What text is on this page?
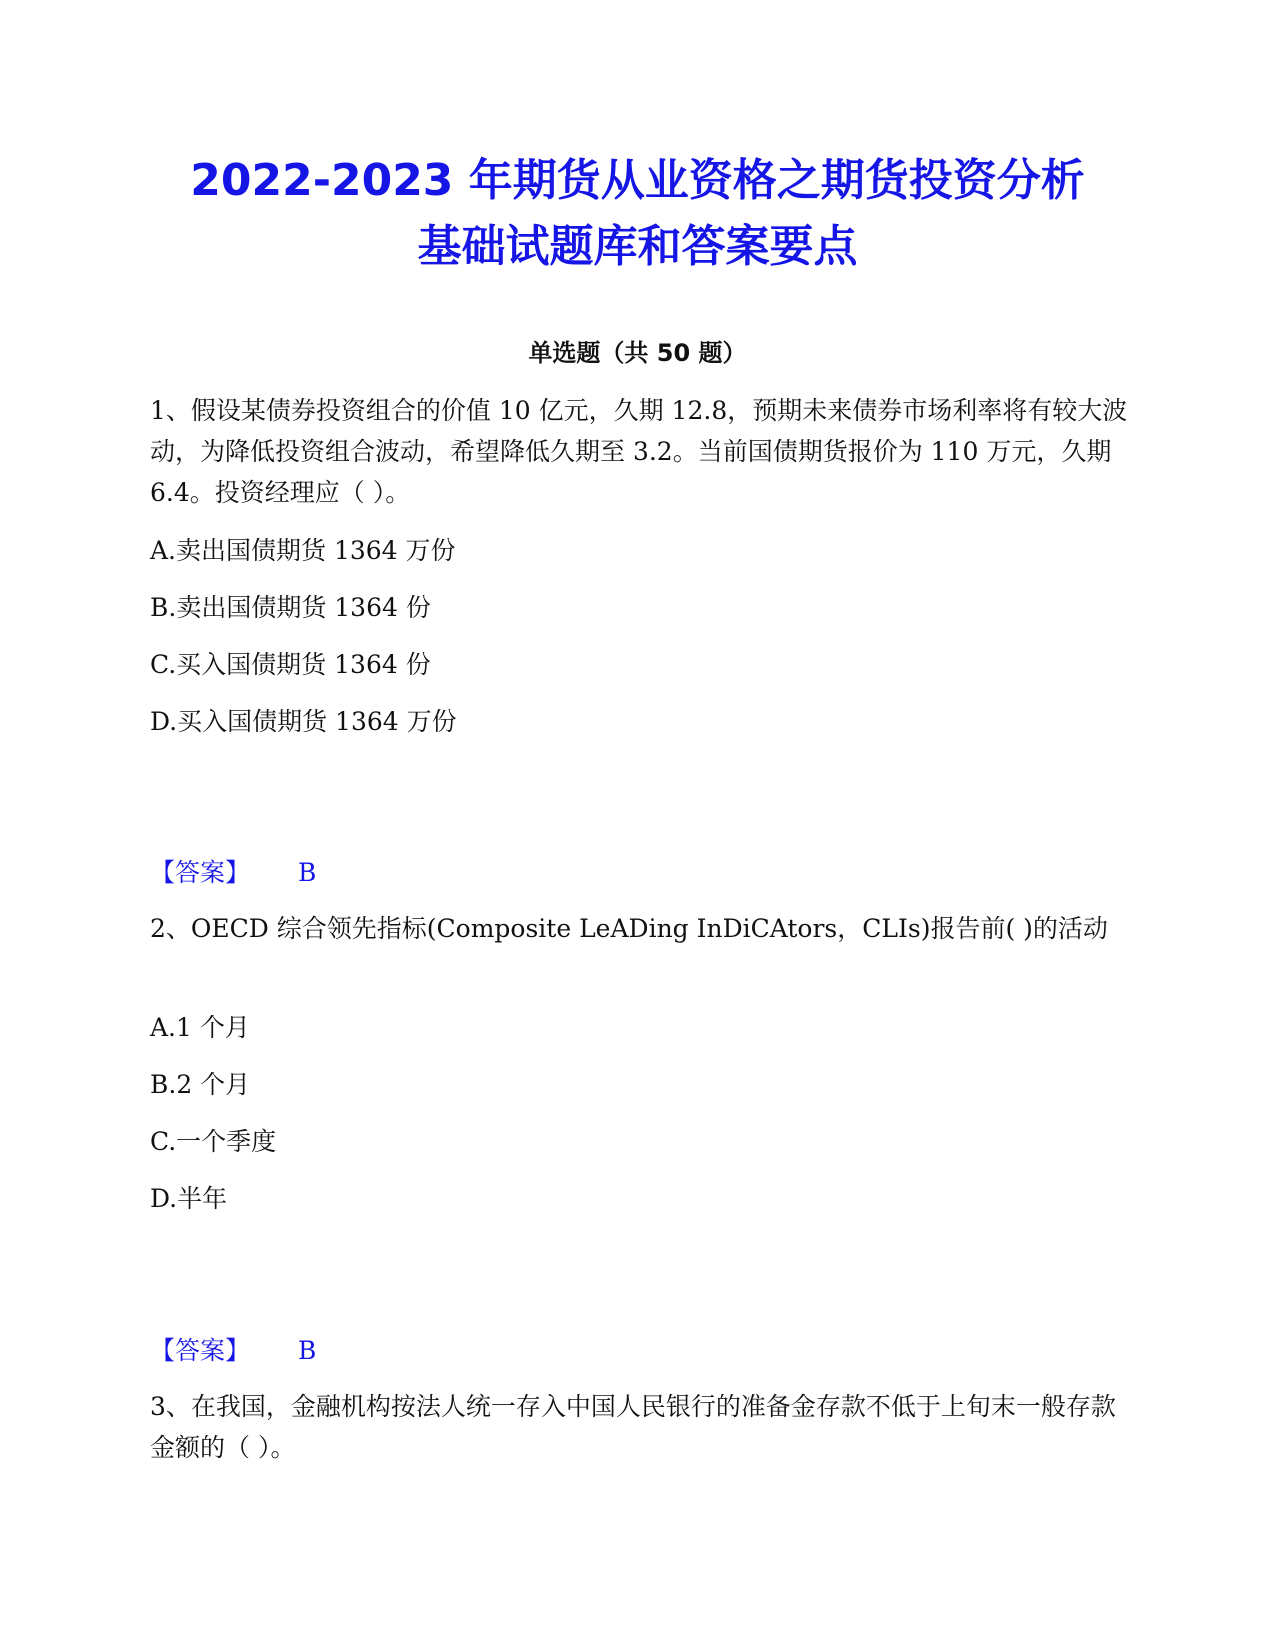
2022-2023 年期货从业资格之期货投资分析
基础试题库和答案要点
单选题（共 50 题）

1、假设某债券投资组合的价值 10 亿元，久期 12.8，预期未来债券市场利率将有较大波动，为降低投资组合波动，希望降低久期至 3.2。当前国债期货报价为 110 万元，久期 6.4。投资经理应（ ）。

A.卖出国债期货 1364 万份

B.卖出国债期货 1364 份

C.买入国债期货 1364 份

D.买入国债期货 1364 万份

【答案】 B

2、OECD 综合领先指标(Composite LeADing InDiCAtors，CLIs)报告前( )的活动

A.1 个月

B.2 个月

C.一个季度

D.半年

【答案】 B

3、在我国，金融机构按法人统一存入中国人民银行的准备金存款不低于上旬末一般存款金额的（ ）。
